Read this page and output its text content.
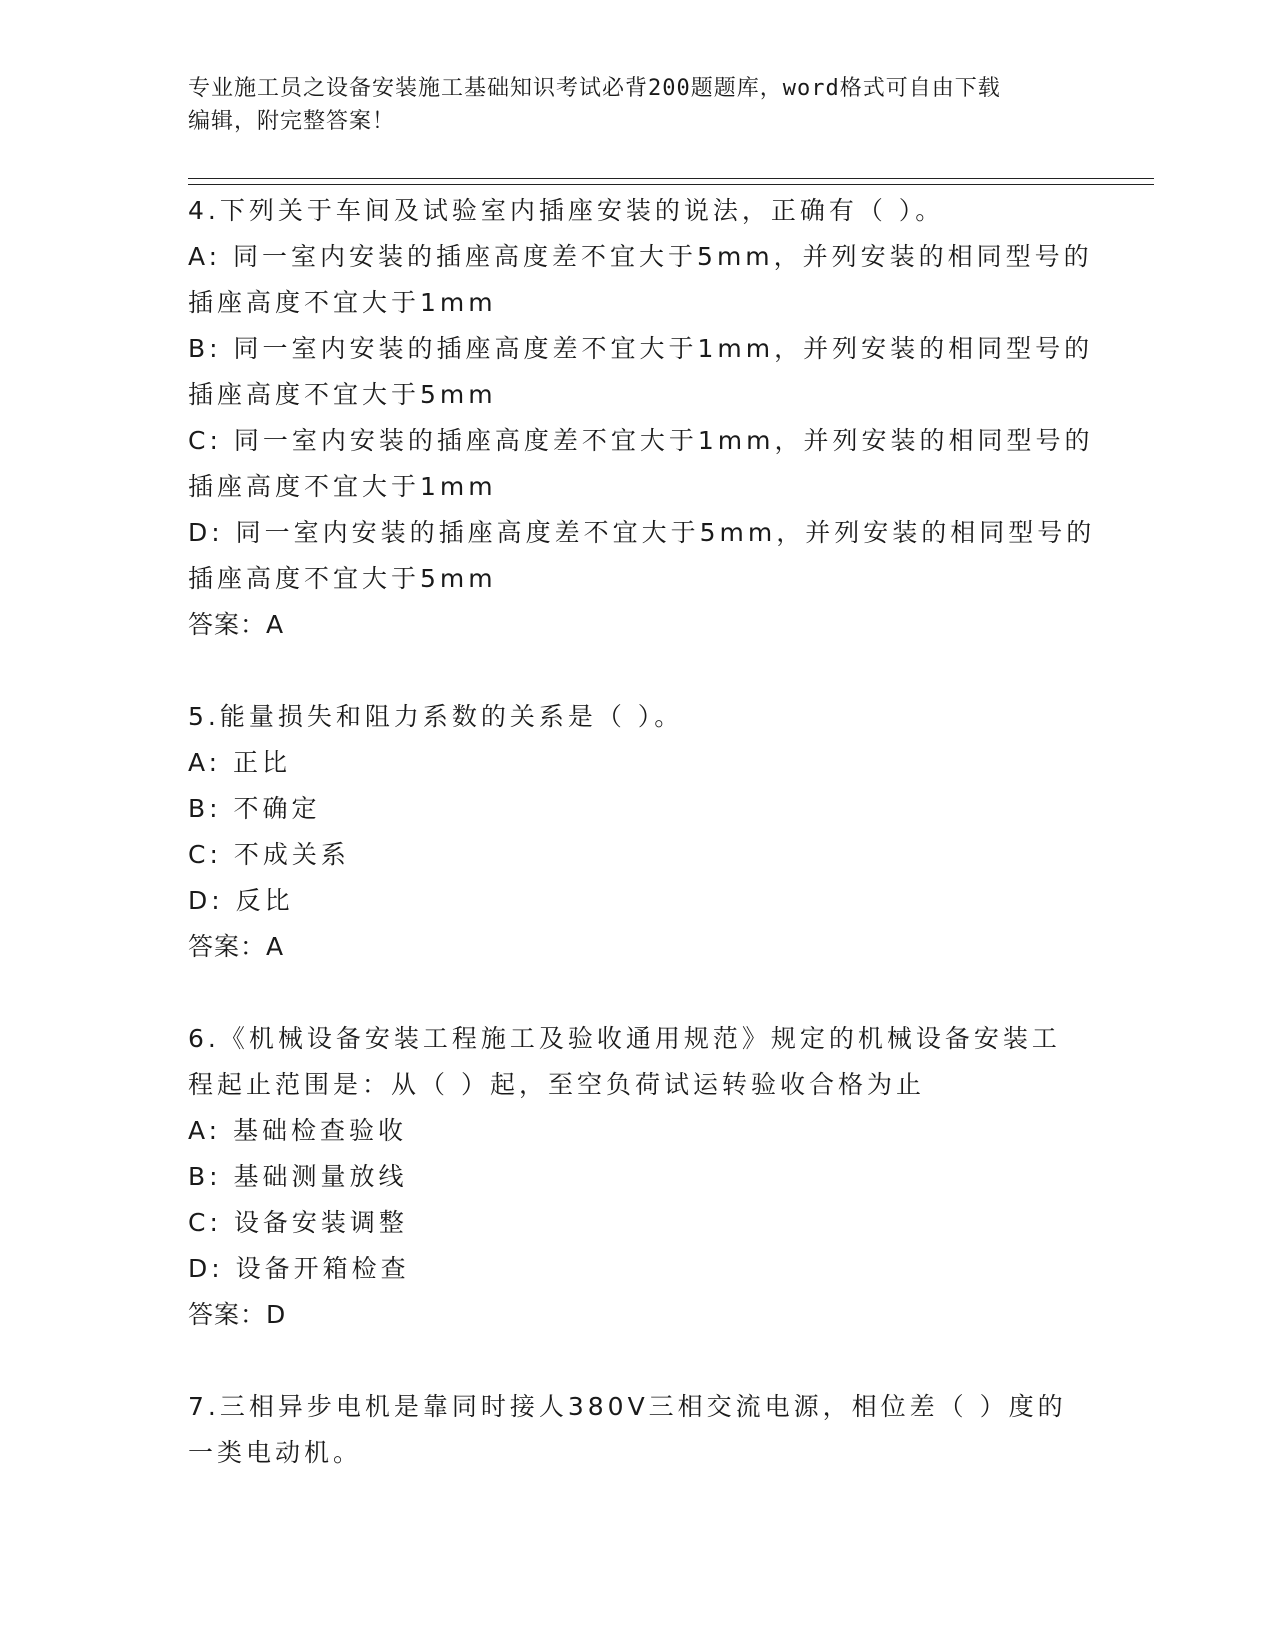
专业施工员之设备安装施工基础知识考试必背200题题库，word格式可自由下载
编辑，附完整答案！
4.下列关于车间及试验室内插座安装的说法，正确有（ ）。
A: 同一室内安装的插座高度差不宜大于5mm，并列安装的相同型号的
插座高度不宜大于1mm
B: 同一室内安装的插座高度差不宜大于1mm，并列安装的相同型号的
插座高度不宜大于5mm
C: 同一室内安装的插座高度差不宜大于1mm，并列安装的相同型号的
插座高度不宜大于1mm
D: 同一室内安装的插座高度差不宜大于5mm，并列安装的相同型号的
插座高度不宜大于5mm
答案：A
5.能量损失和阻力系数的关系是（ ）。
A: 正比
B: 不确定
C: 不成关系
D: 反比
答案：A
6.《机械设备安装工程施工及验收通用规范》规定的机械设备安装工
程起止范围是：从（ ）起，至空负荷试运转验收合格为止
A: 基础检查验收
B: 基础测量放线
C: 设备安装调整
D: 设备开箱检查
答案：D
7.三相异步电机是靠同时接人380V三相交流电源，相位差（ ）度的
一类电动机。
